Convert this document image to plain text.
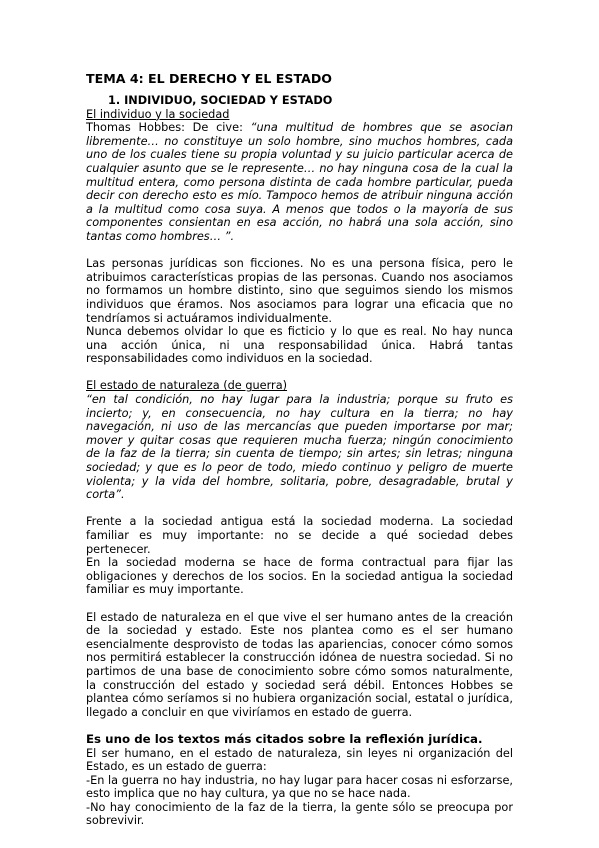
TEMA 4: EL DERECHO Y EL ESTADO
1. INDIVIDUO, SOCIEDAD Y ESTADO

El individuo y la sociedad

Thomas Hobbes: De cive: “una multitud de hombres que se asocian libremente… no constituye un solo hombre, sino muchos hombres, cada uno de los cuales tiene su propia voluntad y su juicio particular acerca de cualquier asunto que se le represente… no hay ninguna cosa de la cual la multitud entera, como persona distinta de cada hombre particular, pueda decir con derecho esto es mío. Tampoco hemos de atribuir ninguna acción a la multitud como cosa suya. A menos que todos o la mayoría de sus componentes consientan en esa acción, no habrá una sola acción, sino tantas como hombres… ”.

Las personas jurídicas son ficciones. No es una persona física, pero le atribuimos características propias de las personas. Cuando nos asociamos no formamos un hombre distinto, sino que seguimos siendo los mismos individuos que éramos. Nos asociamos para lograr una eficacia que no tendríamos si actuáramos individualmente.

Nunca debemos olvidar lo que es ficticio y lo que es real. No hay nunca una acción única, ni una responsabilidad única. Habrá tantas responsabilidades como individuos en la sociedad.

El estado de naturaleza (de guerra)

“en tal condición, no hay lugar para la industria; porque su fruto es incierto; y, en consecuencia, no hay cultura en la tierra; no hay navegación, ni uso de las mercancías que pueden importarse por mar; mover y quitar cosas que requieren mucha fuerza; ningún conocimiento de la faz de la tierra; sin cuenta de tiempo; sin artes; sin letras; ninguna sociedad; y que es lo peor de todo, miedo continuo y peligro de muerte violenta; y la vida del hombre, solitaria, pobre, desagradable, brutal y corta”.

Frente a la sociedad antigua está la sociedad moderna. La sociedad familiar es muy importante: no se decide a qué sociedad debes pertenecer.

En la sociedad moderna se hace de forma contractual para fijar las obligaciones y derechos de los socios. En la sociedad antigua la sociedad familiar es muy importante.

El estado de naturaleza en el que vive el ser humano antes de la creación de la sociedad y estado. Este nos plantea como es el ser humano esencialmente desprovisto de todas las apariencias, conocer cómo somos nos permitirá establecer la construcción idónea de nuestra sociedad. Si no partimos de una base de conocimiento sobre cómo somos naturalmente, la construcción del estado y sociedad será débil. Entonces Hobbes se plantea cómo seríamos si no hubiera organización social, estatal o jurídica, llegado a concluir en que viviríamos en estado de guerra.

Es uno de los textos más citados sobre la reflexión jurídica.

El ser humano, en el estado de naturaleza, sin leyes ni organización del Estado, es un estado de guerra:

-En la guerra no hay industria, no hay lugar para hacer cosas ni esforzarse, esto implica que no hay cultura, ya que no se hace nada.

-No hay conocimiento de la faz de la tierra, la gente sólo se preocupa por sobrevivir.
